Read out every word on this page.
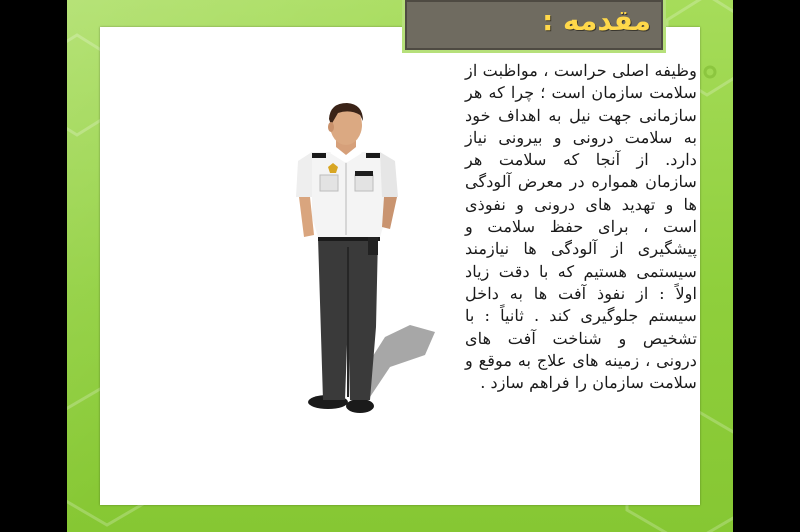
مقدمه :
وظیفه اصلی حراست ، مواظبت از سلامت سازمان است ؛ چرا که هر سازمانی جهت نیل به اهداف خود به سلامت درونی و بیرونی نیاز دارد. از آنجا که سلامت هر سازمان همواره در معرض آلودگی ها و تهدید های درونی و نفوذی است ، برای حفظ سلامت و پیشگیری از آلودگی ها نیازمند سیستمی هستیم که با دقت زیاد اولاً : از نفوذ آفت ها به داخل سیستم جلوگیری کند . ثانیاً : با تشخیص و شناخت آفت های درونی ، زمینه های علاج به موقع و سلامت سازمان را فراهم سازد .
